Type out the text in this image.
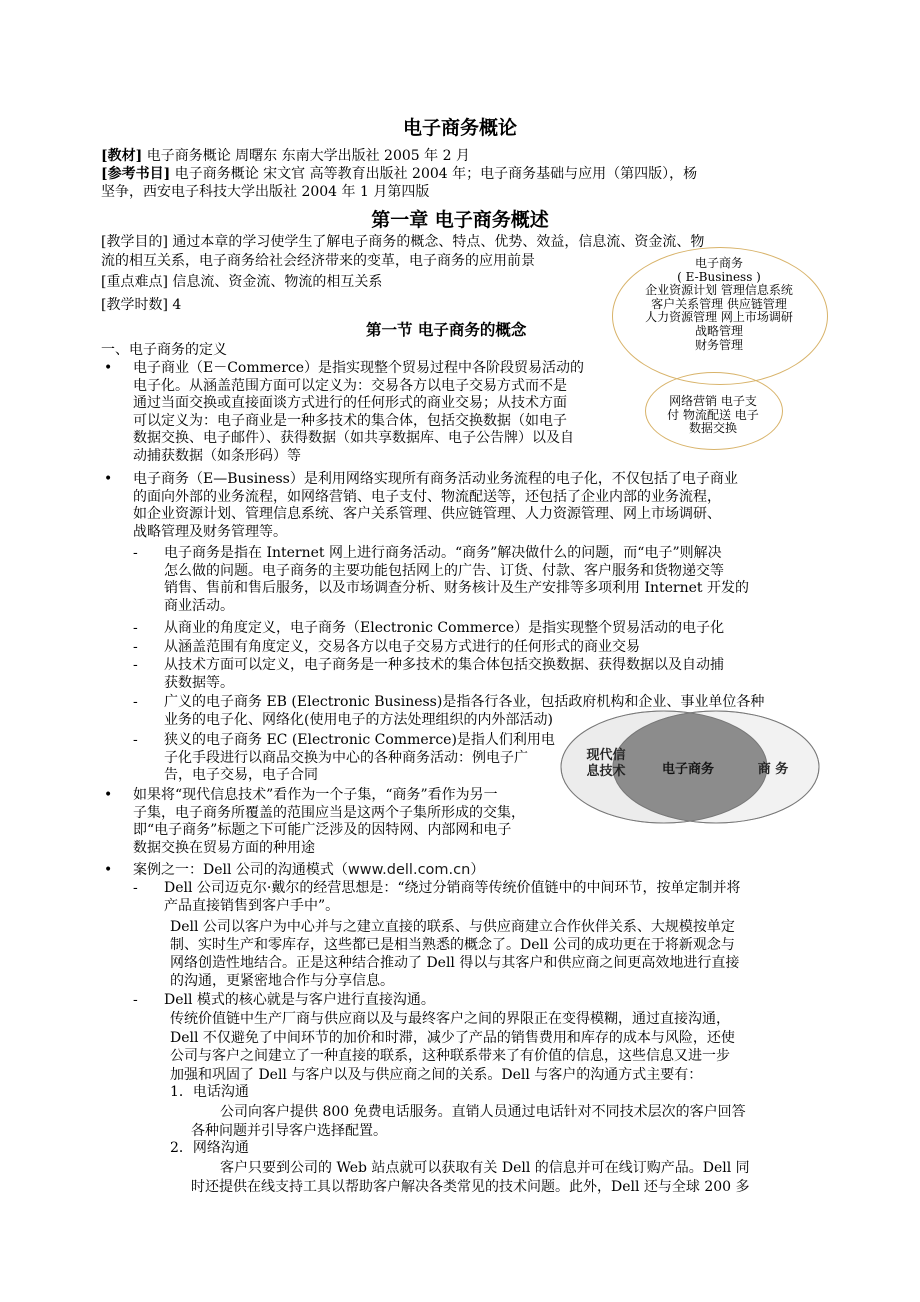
电子商务概论
[教材] 电子商务概论 周曙东 东南大学出版社 2005 年 2 月
[参考书目] 电子商务概论 宋文官 高等教育出版社 2004 年；电子商务基础与应用（第四版），杨
坚争，西安电子科技大学出版社 2004 年 1 月第四版
第一章 电子商务概述
[教学目的] 通过本章的学习使学生了解电子商务的概念、特点、优势、效益，信息流、资金流、物
流的相互关系，电子商务给社会经济带来的变革，电子商务的应用前景
[重点难点] 信息流、资金流、物流的相互关系
[教学时数] 4
第一节 电子商务的概念
一、电子商务的定义
电子商务
( E-Business )
企业资源计划 管理信息系统
客户关系管理 供应链管理
人力资源管理 网上市场调研
战略管理
财务管理
网络营销 电子支
付 物流配送 电子
数据交换
• 电子商业（E－Commerce）是指实现整个贸易过程中各阶段贸易活动的
电子化。从涵盖范围方面可以定义为：交易各方以电子交易方式而不是
通过当面交换或直接面谈方式进行的任何形式的商业交易；从技术方面
可以定义为：电子商业是一种多技术的集合体，包括交换数据（如电子
数据交换、电子邮件）、获得数据（如共享数据库、电子公告牌）以及自
动捕获数据（如条形码）等
• 电子商务（E—Business）是利用网络实现所有商务活动业务流程的电子化，不仅包括了电子商业
的面向外部的业务流程，如网络营销、电子支付、物流配送等，还包括了企业内部的业务流程，
如企业资源计划、管理信息系统、客户关系管理、供应链管理、人力资源管理、网上市场调研、
战略管理及财务管理等。
- 电子商务是指在 Internet 网上进行商务活动。“商务”解决做什么的问题，而“电子”则解决
怎么做的问题。电子商务的主要功能包括网上的广告、订货、付款、客户服务和货物递交等
销售、售前和售后服务，以及市场调查分析、财务核计及生产安排等多项利用 Internet 开发的
商业活动。
- 从商业的角度定义，电子商务（Electronic Commerce）是指实现整个贸易活动的电子化
- 从涵盖范围有角度定义，交易各方以电子交易方式进行的任何形式的商业交易
- 从技术方面可以定义，电子商务是一种多技术的集合体包括交换数据、获得数据以及自动捕
获数据等。
现代信
息技术	电子商务	商 务
- 广义的电子商务 EB (Electronic Business)是指各行各业，包括政府机构和企业、事业单位各种
业务的电子化、网络化(使用电子的方法处理组织的内外部活动)
- 狭义的电子商务 EC (Electronic Commerce)是指人们利用电
子化手段进行以商品交换为中心的各种商务活动：例电子广
告，电子交易，电子合同
• 如果将“现代信息技术”看作为一个子集，“商务”看作为另一
子集，电子商务所覆盖的范围应当是这两个子集所形成的交集，
即“电子商务”标题之下可能广泛涉及的因特网、内部网和电子
数据交换在贸易方面的种用途
• 案例之一：Dell 公司的沟通模式（www.dell.com.cn）
- Dell 公司迈克尔·戴尔的经营思想是：“绕过分销商等传统价值链中的中间环节，按单定制并将
产品直接销售到客户手中”。
Dell 公司以客户为中心并与之建立直接的联系、与供应商建立合作伙伴关系、大规模按单定
制、实时生产和零库存，这些都已是相当熟悉的概念了。Dell 公司的成功更在于将新观念与
网络创造性地结合。正是这种结合推动了 Dell 得以与其客户和供应商之间更高效地进行直接
的沟通，更紧密地合作与分享信息。
- Dell 模式的核心就是与客户进行直接沟通。
传统价值链中生产厂商与供应商以及与最终客户之间的界限正在变得模糊，通过直接沟通，
Dell 不仅避免了中间环节的加价和时滞，减少了产品的销售费用和库存的成本与风险，还使
公司与客户之间建立了一种直接的联系，这种联系带来了有价值的信息，这些信息又进一步
加强和巩固了 Dell 与客户以及与供应商之间的关系。Dell 与客户的沟通方式主要有：
1．电话沟通
公司向客户提供 800 免费电话服务。直销人员通过电话针对不同技术层次的客户回答
各种问题并引导客户选择配置。
2．网络沟通
客户只要到公司的 Web 站点就可以获取有关 Dell 的信息并可在线订购产品。Dell 同
时还提供在线支持工具以帮助客户解决各类常见的技术问题。此外，Dell 还与全球 200 多
